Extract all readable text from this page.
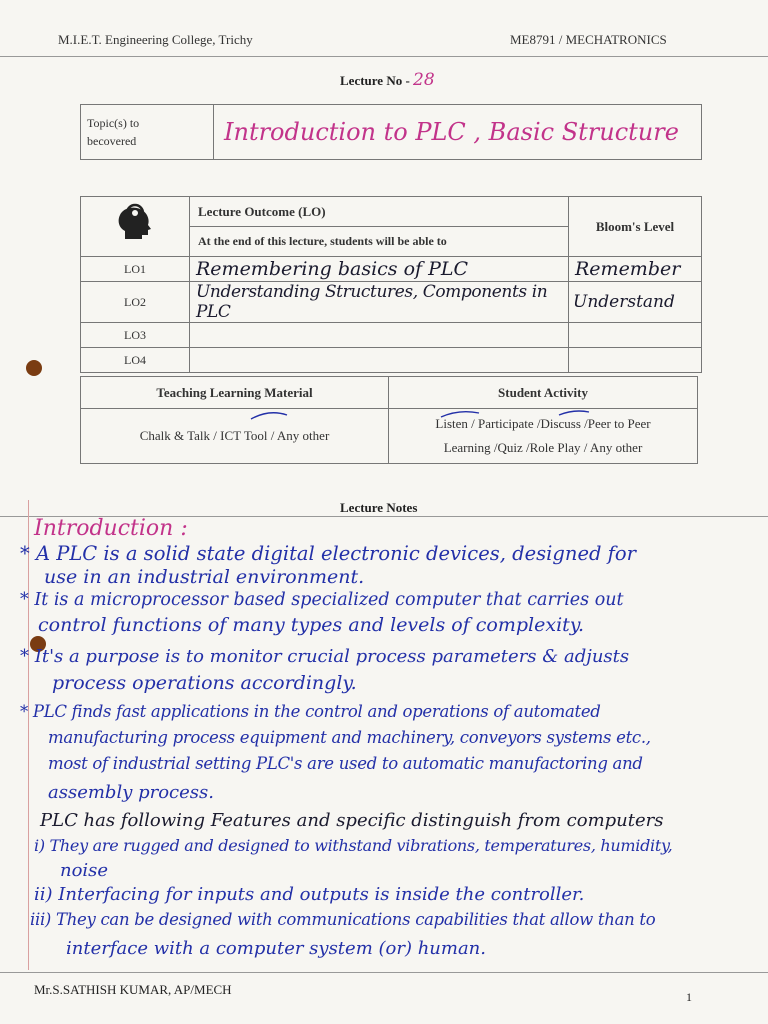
M.I.E.T. Engineering College, Trichy	ME8791 / MECHATRONICS
Lecture No - 28
Topic(s) to
becovered	Introduction to PLC , Basic Structure
	Lecture Outcome (LO)	Bloom's Level
	At the end of this lecture, students will be able to	
LO1	Remembering basics of PLC	Remember
LO2	Understanding Structures, Components in PLC	Understand
LO3		
LO4		
Teaching Learning Material	Student Activity

Chalk & Talk / ICT Tool / Any other	Listen / Participate /Discuss /Peer to Peer
Learning /Quiz /Role Play / Any other
Lecture Notes
Introduction :
* A PLC is a solid state digital electronic devices, designed for
use in an industrial environment.
* It is a microprocessor based specialized computer that carries out
control functions of many types and levels of complexity.
* It's a purpose is to monitor crucial process parameters & adjusts
process operations accordingly.
* PLC finds fast applications in the control and operations of automated
manufacturing process equipment and machinery, conveyors systems etc.,
most of industrial setting PLC's are used to automatic manufactoring and
assembly process.
PLC has following Features and specific distinguish from computers
i) They are rugged and designed to withstand vibrations, temperatures, humidity,
noise
ii) Interfacing for inputs and outputs is inside the controller.
iii) They can be designed with communications capabilities that allow than to
interface with a computer system (or) human.
Mr.S.SATHISH KUMAR, AP/MECH	1
